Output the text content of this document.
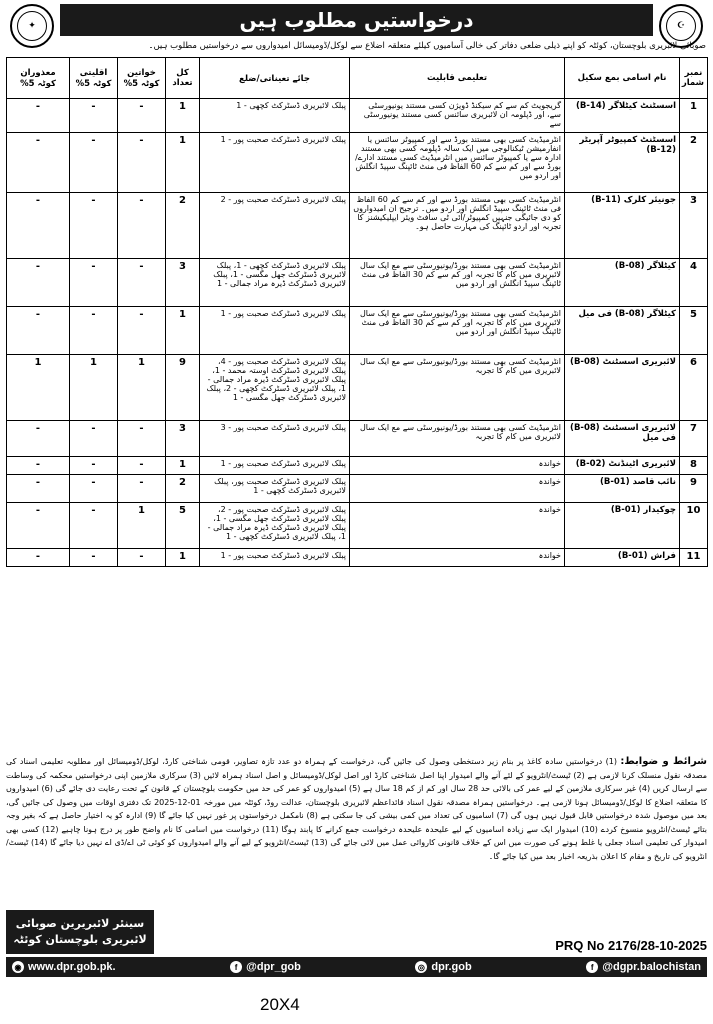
✦	☪
درخواستیں مطلوب ہیں
صوبائی لائبریری بلوچستان، کوئٹہ کو اپنے ذیلی ضلعی دفاتر کی خالی آسامیوں کیلئے متعلقہ اضلاع سے لوکل/ڈومیسائل امیدواروں سے درخواستیں مطلوب ہیں۔
نمبر شمار	نام اسامی بمع سکیل	تعلیمی قابلیت	جائے تعیناتی/ضلع	کل تعداد	خواتین کوٹہ 5%	اقلیتی کوٹہ 5%	معذوران کوٹہ 5%
1	اسسٹنٹ کیٹلاگر (B-14)	گریجویٹ کم سے کم سیکنڈ ڈویژن کسی مستند یونیورسٹی سے، اور ڈپلومہ ان لائبریری سائنس کسی مستند یونیورسٹی سے	پبلک لائبریری ڈسٹرکٹ کچھی - 1	1	-	-	-
2	اسسٹنٹ کمپیوٹر آپریٹر (B-12)	انٹرمیڈیٹ کسی بھی مستند بورڈ سے اور کمپیوٹر سائنس یا انفارمیشن ٹیکنالوجی میں ایک سالہ ڈپلومہ کسی بھی مستند ادارہ سے یا کمپیوٹر سائنس میں انٹرمیڈیٹ کسی مستند ادارے/بورڈ سے اور کم سے کم 60 الفاظ فی منٹ ٹائپنگ سپیڈ انگلش اور اردو میں	پبلک لائبریری ڈسٹرکٹ صحبت پور - 1	1	-	-	-
3	جونیئر کلرک (B-11)	انٹرمیڈیٹ کسی بھی مستند بورڈ سے اور کم سے کم 60 الفاظ فی منٹ ٹائپنگ سپیڈ انگلش اور اردو میں۔ ترجیح ان امیدواروں کو دی جائیگی جنہیں کمپیوٹر/آئی ٹی سافٹ ویئر ایپلیکیشنز کا تجربہ اور اردو ٹائپنگ کی مہارت حاصل ہو۔	پبلک لائبریری ڈسٹرکٹ صحبت پور - 2	2	-	-	-
4	کیٹلاگر (B-08)	انٹرمیڈیٹ کسی بھی مستند بورڈ/یونیورسٹی سے مع ایک سال لائبریری میں کام کا تجربہ اور کم سے کم 30 الفاظ فی منٹ ٹائپنگ سپیڈ انگلش اور اردو میں	پبلک لائبریری ڈسٹرکٹ کچھی - 1، پبلک لائبریری ڈسٹرکٹ جھل مگسی - 1، پبلک لائبریری ڈسٹرکٹ ڈیرہ مراد جمالی - 1	3	-	-	-
5	کیٹلاگر (B-08) فی میل	انٹرمیڈیٹ کسی بھی مستند بورڈ/یونیورسٹی سے مع ایک سال لائبریری میں کام کا تجربہ اور کم سے کم 30 الفاظ فی منٹ ٹائپنگ سپیڈ انگلش اور اردو میں	پبلک لائبریری ڈسٹرکٹ صحبت پور - 1	1	-	-	-
6	لائبریری اسسٹنٹ (B-08)	انٹرمیڈیٹ کسی بھی مستند بورڈ/یونیورسٹی سے مع ایک سال لائبریری میں کام کا تجربہ	پبلک لائبریری ڈسٹرکٹ صحبت پور - 4، پبلک لائبریری ڈسٹرکٹ اوستہ محمد - 1، پبلک لائبریری ڈسٹرکٹ ڈیرہ مراد جمالی - 1، پبلک لائبریری ڈسٹرکٹ کچھی - 2، پبلک لائبریری ڈسٹرکٹ جھل مگسی - 1	9	1	1	1
7	لائبریری اسسٹنٹ (B-08) فی میل	انٹرمیڈیٹ کسی بھی مستند بورڈ/یونیورسٹی سے مع ایک سال لائبریری میں کام کا تجربہ	پبلک لائبریری ڈسٹرکٹ صحبت پور - 3	3	-	-	-
8	لائبریری اٹینڈنٹ (B-02)	خواندہ	پبلک لائبریری ڈسٹرکٹ صحبت پور - 1	1	-	-	-
9	نائب قاصد (B-01)	خواندہ	پبلک لائبریری ڈسٹرکٹ صحبت پور، پبلک لائبریری ڈسٹرکٹ کچھی - 1	2	-	-	-
10	چوکیدار (B-01)	خواندہ	پبلک لائبریری ڈسٹرکٹ صحبت پور - 2، پبلک لائبریری ڈسٹرکٹ جھل مگسی - 1، پبلک لائبریری ڈسٹرکٹ ڈیرہ مراد جمالی - 1، پبلک لائبریری ڈسٹرکٹ کچھی - 1	5	1	-	-
11	فراش (B-01)	خواندہ	پبلک لائبریری ڈسٹرکٹ صحبت پور - 1	1	-	-	-
شرائط و ضوابط: (1) درخواستیں سادہ کاغذ پر بنام زیر دستخطی وصول کی جائیں گی، درخواست کے ہمراہ دو عدد تازہ تصاویر، قومی شناختی کارڈ، لوکل/ڈومیسائل اور مطلوبہ تعلیمی اسناد کی مصدقہ نقول منسلک کرنا لازمی ہے (2) ٹیسٹ/انٹرویو کے لئے آنے والے امیدوار اپنا اصل شناختی کارڈ اور اصل لوکل/ڈومیسائل و اصل اسناد ہمراہ لائیں (3) سرکاری ملازمین اپنی درخواستیں محکمہ کی وساطت سے ارسال کریں (4) غیر سرکاری ملازمین کے لیے عمر کی بالائی حد 28 سال اور کم از کم 18 سال ہے (5) امیدواروں کو عمر کی حد میں حکومت بلوچستان کے قانون کے تحت رعایت دی جائے گی (6) امیدواروں کا متعلقہ اضلاع کا لوکل/ڈومیسائل ہونا لازمی ہے۔ درخواستیں ہمراہ مصدقہ نقول اسناد قائداعظم لائبریری بلوچستان، عدالت روڈ، کوئٹہ میں مورخہ 01-12-2025 تک دفتری اوقات میں وصول کی جائیں گی، بعد میں موصول شدہ درخواستیں قابل قبول نہیں ہوں گی (7) اسامیوں کی تعداد میں کمی بیشی کی جا سکتی ہے (8) نامکمل درخواستوں پر غور نہیں کیا جائے گا (9) ادارہ کو یہ اختیار حاصل ہے کہ بغیر وجہ بتائے ٹیسٹ/انٹرویو منسوخ کردے (10) امیدوار ایک سے زیادہ اسامیوں کے لیے علیحدہ علیحدہ درخواست جمع کرانے کا پابند ہوگا (11) درخواست میں اسامی کا نام واضح طور پر درج ہونا چاہیے (12) کسی بھی امیدوار کی تعلیمی اسناد جعلی یا غلط ہونے کی صورت میں اس کے خلاف قانونی کاروائی عمل میں لائی جائے گی (13) ٹیسٹ/انٹرویو کے لیے آنے والے امیدواروں کو کوئی ٹی اے/ڈی اے نہیں دیا جائے گا (14) ٹیسٹ/انٹرویو کی تاریخ و مقام کا اعلان بذریعہ اخبار بعد میں کیا جائے گا۔
سینئر لائبریرین صوبائی
لائبریری بلوچستان کوئٹہ	PRQ No 2176/28-10-2025
◉ www.dpr.gob.pk.	f @dpr_gob	◎ dpr.gob	f @dgpr.balochistan
20X4
